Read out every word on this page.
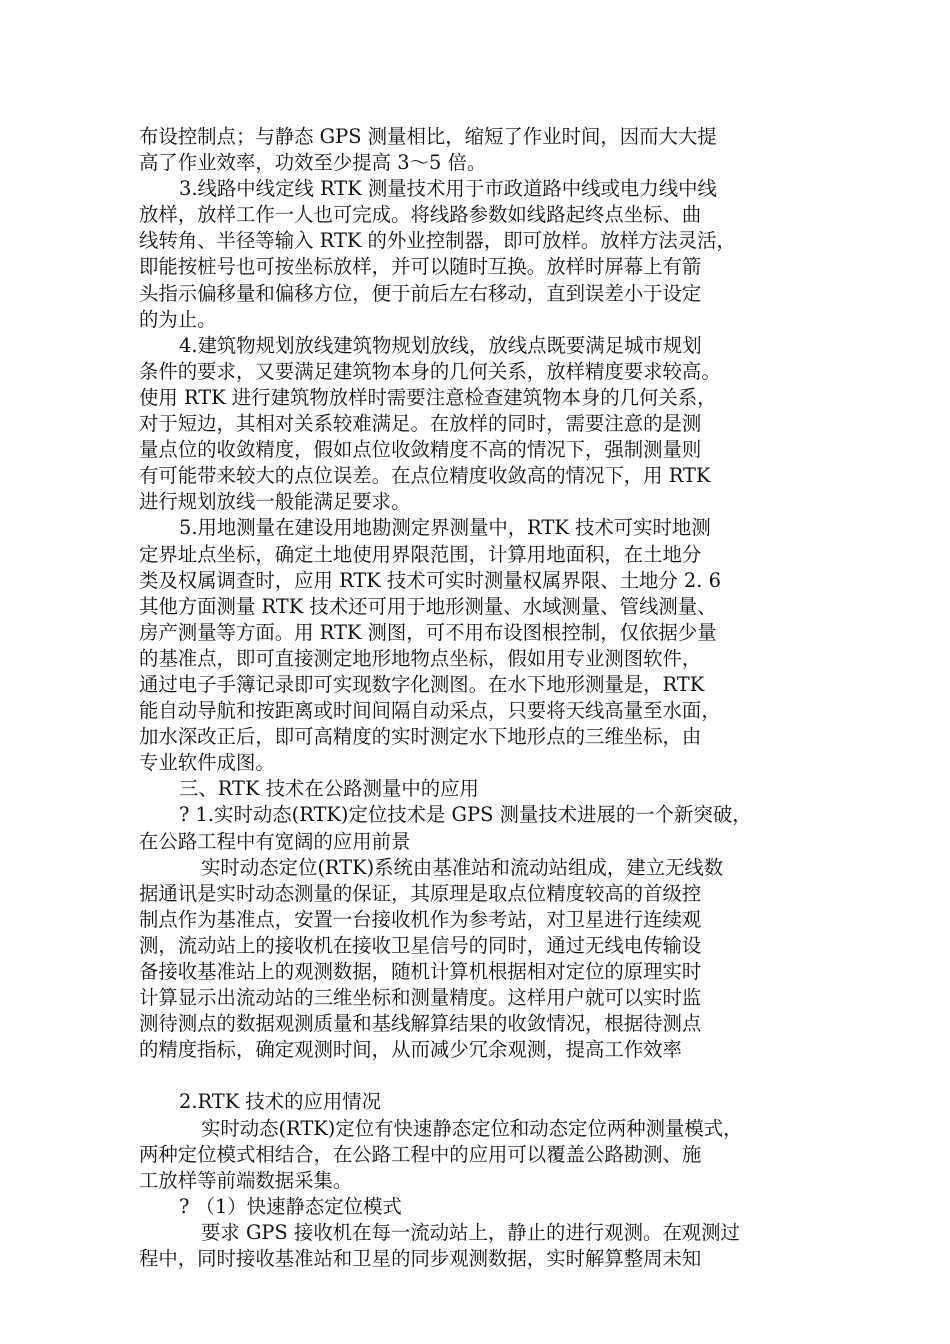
布设控制点；与静态 GPS 测量相比，缩短了作业时间，因而大大提
高了作业效率，功效至少提高 3～5 倍。
3.线路中线定线 RTK 测量技术用于市政道路中线或电力线中线
放样，放样工作一人也可完成。将线路参数如线路起终点坐标、曲
线转角、半径等输入 RTK 的外业控制器，即可放样。放样方法灵活，
即能按桩号也可按坐标放样，并可以随时互换。放样时屏幕上有箭
头指示偏移量和偏移方位，便于前后左右移动，直到误差小于设定
的为止。
4.建筑物规划放线建筑物规划放线，放线点既要满足城市规划
条件的要求，又要满足建筑物本身的几何关系，放样精度要求较高。
使用 RTK 进行建筑物放样时需要注意检查建筑物本身的几何关系，
对于短边，其相对关系较难满足。在放样的同时，需要注意的是测
量点位的收敛精度，假如点位收敛精度不高的情况下，强制测量则
有可能带来较大的点位误差。在点位精度收敛高的情况下，用 RTK
进行规划放线一般能满足要求。
5.用地测量在建设用地勘测定界测量中，RTK 技术可实时地测
定界址点坐标，确定土地使用界限范围，计算用地面积，在土地分
类及权属调查时，应用 RTK 技术可实时测量权属界限、土地分 2. 6
其他方面测量 RTK 技术还可用于地形测量、水域测量、管线测量、
房产测量等方面。用 RTK 测图，可不用布设图根控制，仅依据少量
的基准点，即可直接测定地形地物点坐标，假如用专业测图软件，
通过电子手簿记录即可实现数字化测图。在水下地形测量是，RTK
能自动导航和按距离或时间间隔自动采点，只要将天线高量至水面，
加水深改正后，即可高精度的实时测定水下地形点的三维坐标，由
专业软件成图。
三、RTK 技术在公路测量中的应用
? 1.实时动态(RTK)定位技术是 GPS 测量技术进展的一个新突破，
在公路工程中有宽阔的应用前景
实时动态定位(RTK)系统由基准站和流动站组成，建立无线数
据通讯是实时动态测量的保证，其原理是取点位精度较高的首级控
制点作为基准点，安置一台接收机作为参考站，对卫星进行连续观
测，流动站上的接收机在接收卫星信号的同时，通过无线电传输设
备接收基准站上的观测数据，随机计算机根据相对定位的原理实时
计算显示出流动站的三维坐标和测量精度。这样用户就可以实时监
测待测点的数据观测质量和基线解算结果的收敛情况，根据待测点
的精度指标，确定观测时间，从而减少冗余观测，提高工作效率
2.RTK 技术的应用情况
实时动态(RTK)定位有快速静态定位和动态定位两种测量模式，
两种定位模式相结合，在公路工程中的应用可以覆盖公路勘测、施
工放样等前端数据采集。
? （1）快速静态定位模式
要求 GPS 接收机在每一流动站上，静止的进行观测。在观测过
程中，同时接收基准站和卫星的同步观测数据，实时解算整周未知
